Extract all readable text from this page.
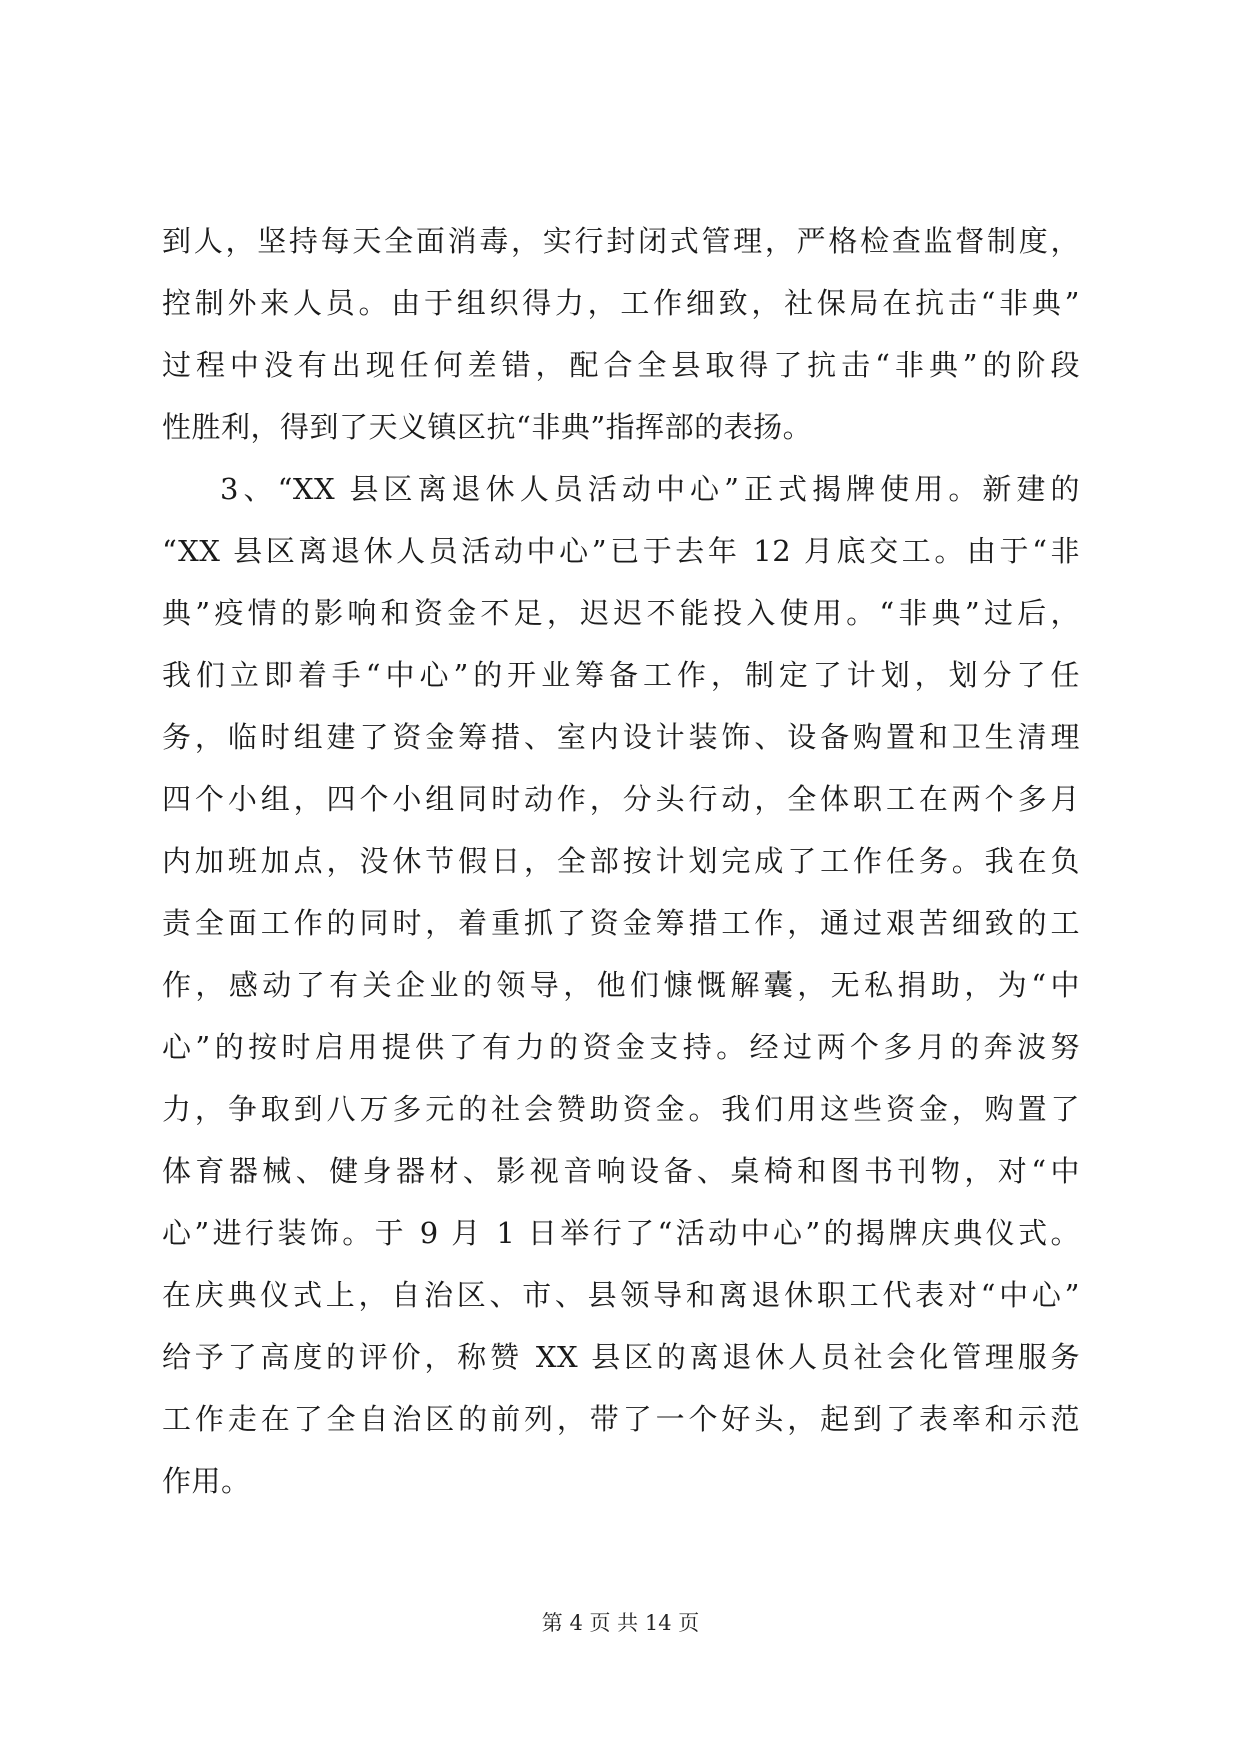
到人，坚持每天全面消毒，实行封闭式管理，严格检查监督制度，
控制外来人员。由于组织得力，工作细致，社保局在抗击“非典”
过程中没有出现任何差错，配合全县取得了抗击“非典”的阶段
性胜利，得到了天义镇区抗“非典”指挥部的表扬。
3、“XX 县区离退休人员活动中心”正式揭牌使用。新建的
“XX 县区离退休人员活动中心”已于去年 12 月底交工。由于“非
典”疫情的影响和资金不足，迟迟不能投入使用。“非典”过后，
我们立即着手“中心”的开业筹备工作，制定了计划，划分了任
务，临时组建了资金筹措、室内设计装饰、设备购置和卫生清理
四个小组，四个小组同时动作，分头行动，全体职工在两个多月
内加班加点，没休节假日，全部按计划完成了工作任务。我在负
责全面工作的同时，着重抓了资金筹措工作，通过艰苦细致的工
作，感动了有关企业的领导，他们慷慨解囊，无私捐助，为“中
心”的按时启用提供了有力的资金支持。经过两个多月的奔波努
力，争取到八万多元的社会赞助资金。我们用这些资金，购置了
体育器械、健身器材、影视音响设备、桌椅和图书刊物，对“中
心”进行装饰。于 9 月 1 日举行了“活动中心”的揭牌庆典仪式。
在庆典仪式上，自治区、市、县领导和离退休职工代表对“中心”
给予了高度的评价，称赞 XX 县区的离退休人员社会化管理服务
工作走在了全自治区的前列，带了一个好头，起到了表率和示范
作用。
第 4 页 共 14 页
